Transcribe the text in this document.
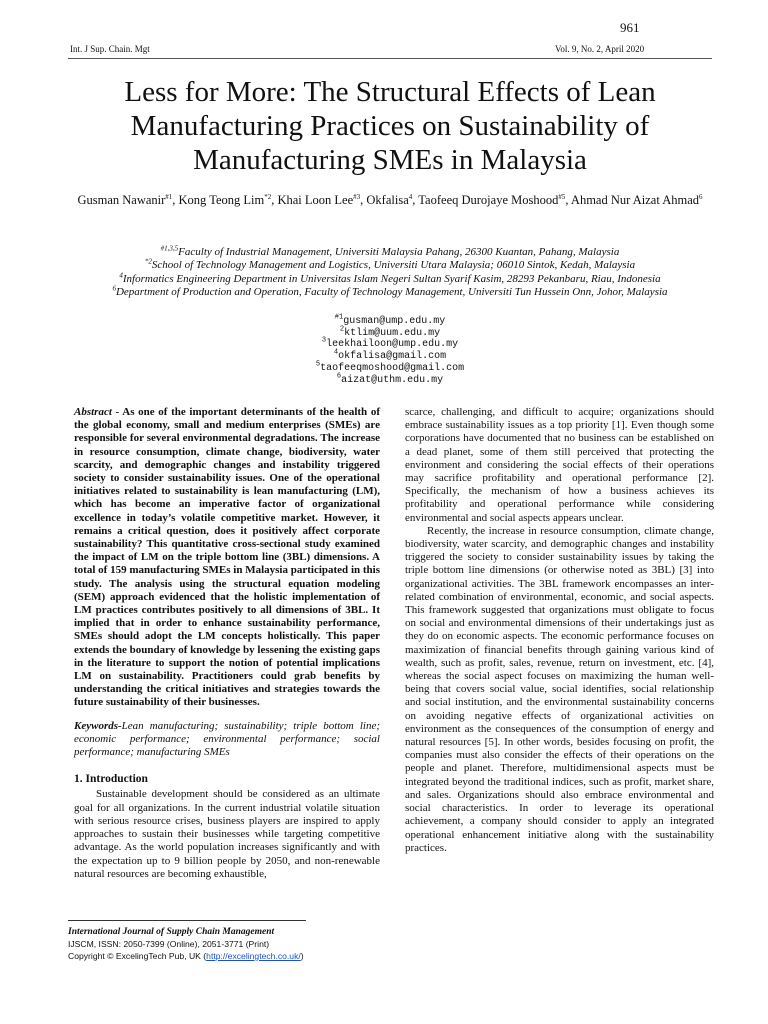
961
Int. J Sup. Chain. Mgt	Vol. 9, No. 2, April 2020
Less for More: The Structural Effects of Lean
Manufacturing Practices on Sustainability of
Manufacturing SMEs in Malaysia
Gusman Nawanir$^{\#1}$, Kong Teong Lim$^{*2}$, Khai Loon Lee$^{\#3}$, Okfalisa$^4$, Taofeeq Durojaye Moshood$^{\#5}$, Ahmad Nur Aizat Ahmad$^6$
$^{\#1,3,5}$Faculty of Industrial Management, Universiti Malaysia Pahang, 26300 Kuantan, Pahang, Malaysia
$^{*2}$School of Technology Management and Logistics, Universiti Utara Malaysia; 06010 Sintok, Kedah, Malaysia
$^4$Informatics Engineering Department in Universitas Islam Negeri Sultan Syarif Kasim, 28293 Pekanbaru, Riau, Indonesia
$^6$Department of Production and Operation, Faculty of Technology Management, Universiti Tun Hussein Onn, Johor, Malaysia
$^{\#1}$gusman@ump.edu.my
$^2$ktlim@uum.edu.my
$^3$leekhailoon@ump.edu.my
$^4$okfalisa@gmail.com
$^5$taofeeqmoshood@gmail.com
$^6$aizat@uthm.edu.my
Abstract - As one of the important determinants of the health of the global economy, small and medium enterprises (SMEs) are responsible for several environmental degradations. The increase in resource consumption, climate change, biodiversity, water scarcity, and demographic changes and instability triggered society to consider sustainability issues. One of the operational initiatives related to sustainability is lean manufacturing (LM), which has become an imperative factor of organizational excellence in today’s volatile competitive market. However, it remains a critical question, does it positively affect corporate sustainability? This quantitative cross-sectional study examined the impact of LM on the triple bottom line (3BL) dimensions. A total of 159 manufacturing SMEs in Malaysia participated in this study. The analysis using the structural equation modeling (SEM) approach evidenced that the holistic implementation of LM practices contributes positively to all dimensions of 3BL. It implied that in order to enhance sustainability performance, SMEs should adopt the LM concepts holistically. This paper extends the boundary of knowledge by lessening the existing gaps in the literature to support the notion of potential implications LM on sustainability. Practitioners could grab benefits by understanding the critical initiatives and strategies towards the future sustainability of their businesses.
Keywords-Lean manufacturing; sustainability; triple bottom line; economic performance; environmental performance; social performance; manufacturing SMEs
1. Introduction

Sustainable development should be considered as an ultimate goal for all organizations. In the current industrial volatile situation with serious resource crises, business players are inspired to apply approaches to sustain their businesses while targeting competitive advantage. As the world population increases significantly and with the expectation up to 9 billion people by 2050, and non-renewable natural resources are becoming exhaustible,

scarce, challenging, and difficult to acquire; organizations should embrace sustainability issues as a top priority [1]. Even though some corporations have documented that no business can be established on a dead planet, some of them still perceived that protecting the environment and considering the social effects of their operations may sacrifice profitability and operational performance [2]. Specifically, the mechanism of how a business achieves its profitability and operational performance while considering environmental and social aspects appears unclear.

Recently, the increase in resource consumption, climate change, biodiversity, water scarcity, and demographic changes and instability triggered the society to consider sustainability issues by taking the triple bottom line dimensions (or otherwise noted as 3BL) [3] into organizational activities. The 3BL framework encompasses an inter-related combination of environmental, economic, and social aspects. This framework suggested that organizations must obligate to focus on social and environmental dimensions of their undertakings just as they do on economic aspects. The economic performance focuses on maximization of financial benefits through gaining various kind of wealth, such as profit, sales, revenue, return on investment, etc. [4], whereas the social aspect focuses on maximizing the human well-being that covers social value, social identifies, social relationship and social institution, and the environmental sustainability concerns on avoiding negative effects of organizational activities on environment as the consequences of the consumption of energy and natural resources [5]. In other words, besides focusing on profit, the companies must also consider the effects of their operations on the people and planet. Therefore, multidimensional aspects must be integrated beyond the traditional indices, such as profit, market share, and sales. Organizations should also embrace environmental and social characteristics. In order to leverage its operational achievement, a company should consider to apply an integrated operational enhancement initiative along with the sustainability practices.

International Journal of Supply Chain Management
IJSCM, ISSN: 2050-7399 (Online), 2051-3771 (Print)
Copyright © ExcelingTech Pub, UK (http://excelingtech.co.uk/)
